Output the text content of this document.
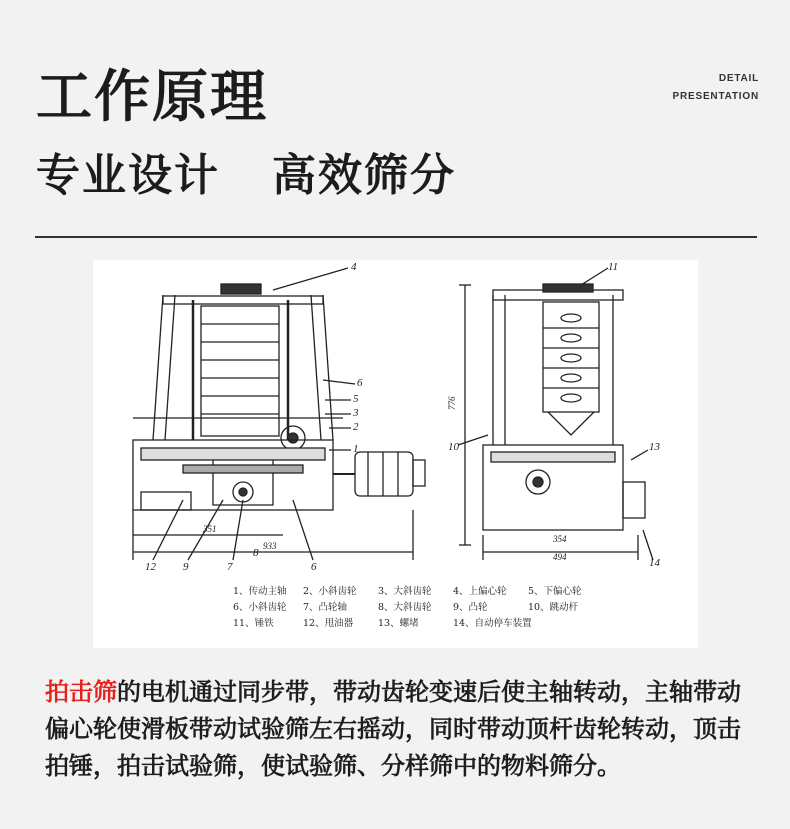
工作原理
专业设计   高效筛分
DETAIL
PRESENTATION
4
6
5
3
2
1
12 9	7
8
6
11
10	13
14
351
933
776
354
494
1、传动主轴 2、小斜齿轮 3、大斜齿轮 4、上偏心轮 5、下偏心轮
6、小斜齿轮 7、凸轮轴	8、大斜齿轮 9、凸轮	10、跳动杆
11、锤铁	12、甩油器	13、螺堵	14、自动停车装置
拍击筛的电机通过同步带，带动齿轮变速后使主轴转动，主轴带动偏心轮使滑板带动试验筛左右摇动，同时带动顶杆齿轮转动，顶击拍锤，拍击试验筛，使试验筛、分样筛中的物料筛分。
